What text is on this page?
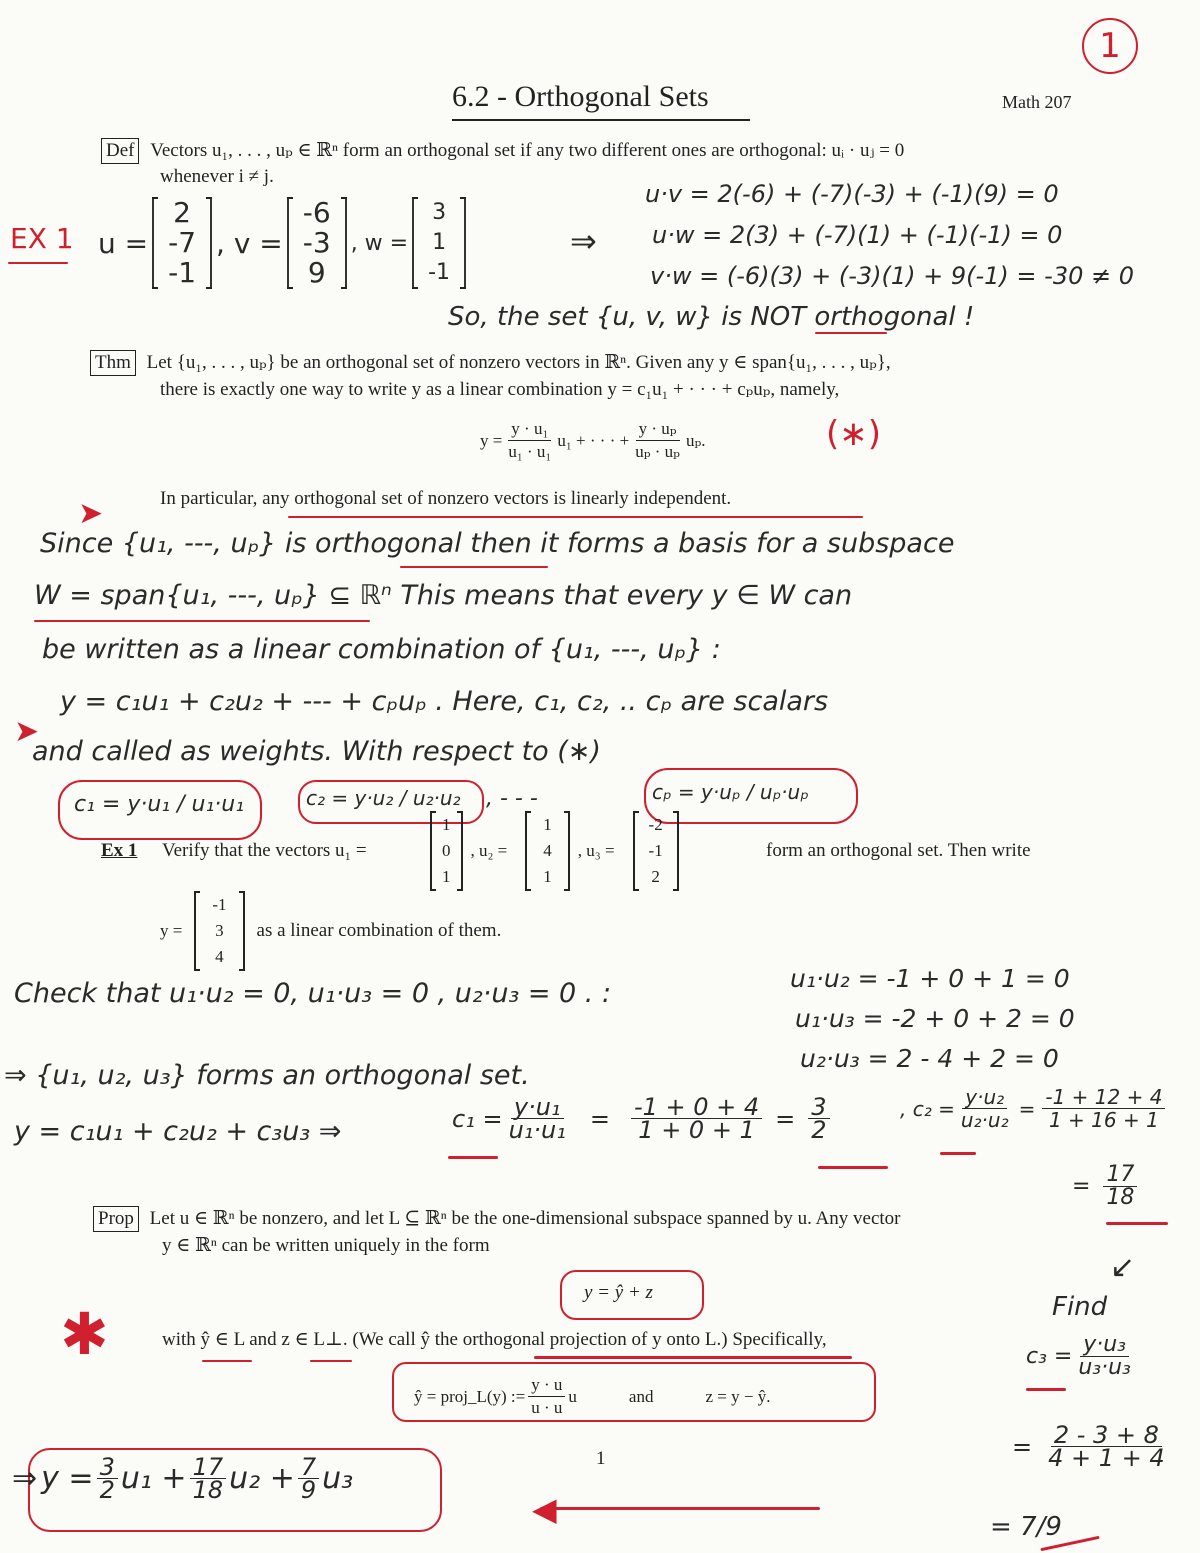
1
6.2 - Orthogonal Sets	Math 207
Def Vectors u₁, . . . , uₚ ∈ ℝⁿ form an orthogonal set if any two different ones are orthogonal: uᵢ · uⱼ = 0
whenever i ≠ j.
EX 1 u =
2
-7
-1
, v =
-6
-3
9
, w =
3
1
-1
⇒
u·v = 2(-6) + (-7)(-3) + (-1)(9) = 0
u·w = 2(3) + (-7)(1) + (-1)(-1) = 0
v·w = (-6)(3) + (-3)(1) + 9(-1) = -30 ≠ 0
So, the set {u, v, w} is NOT orthogonal !
Thm Let {u₁, . . . , uₚ} be an orthogonal set of nonzero vectors in ℝⁿ. Given any y ∈ span{u₁, . . . , uₚ},
there is exactly one way to write y as a linear combination y = c₁u₁ + · · · + cₚuₚ, namely,
$y = \frac{\text{y · u₁}}{\text{u₁ · u₁}} u_1$ + · · · + $\frac{\text{y · uₚ}}{\text{uₚ · uₚ}} u_p$.	(∗)
➤	In particular, any orthogonal set of nonzero vectors is linearly independent.
Since {u₁, ---, uₚ} is orthogonal then it forms a basis for a subspace
W = span{u₁, ---, uₚ} ⊆ ℝⁿ This means that every y ∈ W can
be written as a linear combination of {u₁, ---, uₚ} :
➤
y = c₁u₁ + c₂u₂ + --- + cₚuₚ . Here, c₁, c₂, .. cₚ are scalars
and called as weights. With respect to (∗)
c₁ = y·u₁ / u₁·u₁	c₂ = y·u₂ / u₂·u₂ , - - -	cₚ = y·uₚ / uₚ·uₚ
Ex 1 Verify that the vectors u₁ =
1
0
1
, u₂ =
1
4
1
, u₃ =
-2
-1
2
form an orthogonal set. Then write
y =
-1
3
4
as a linear combination of them.
Check that u₁·u₂ = 0, u₁·u₃ = 0 , u₂·u₃ = 0 . :	u₁·u₂ = -1 + 0 + 1 = 0
u₁·u₃ = -2 + 0 + 2 = 0
u₂·u₃ = 2 - 4 + 2 = 0
⇒ {u₁, u₂, u₃} forms an orthogonal set.
y = c₁u₁ + c₂u₂ + c₃u₃ ⇒	$c_1 = \frac{\text{y·u₁}}{\text{u₁·u₁}} = \frac{-1 + 0 + 4}{1 + 0 + 1} = \frac{3}{2}$	, $c_2 = \frac{\text{y·u₂}}{\text{u₂·u₂}} = \frac{-1 + 12 + 4}{1 + 16 + 1}$
= $\frac{17}{18}$
Prop Let u ∈ ℝⁿ be nonzero, and let L ⊆ ℝⁿ be the one-dimensional subspace spanned by u. Any vector
y ∈ ℝⁿ can be written uniquely in the form
y = ŷ + z
✱	with ŷ ∈ L and z ∈ L⊥. (We call ŷ the orthogonal projection of y onto L.) Specifically,
ŷ = proj_L(y) := $\frac{y \cdot u}{u \cdot u}$ u	and	z = y − ŷ.
↙
Find
$c_3 = \frac{\text{y·u₃}}{\text{u₃·u₃}}$
= $\frac{2 - 3 + 8}{4 + 1 + 4}$
= 7/9
⇒ $y = \frac{3}{2} u_1 + \frac{17}{18} u_2 + \frac{7}{9} u_3$
◀
1
